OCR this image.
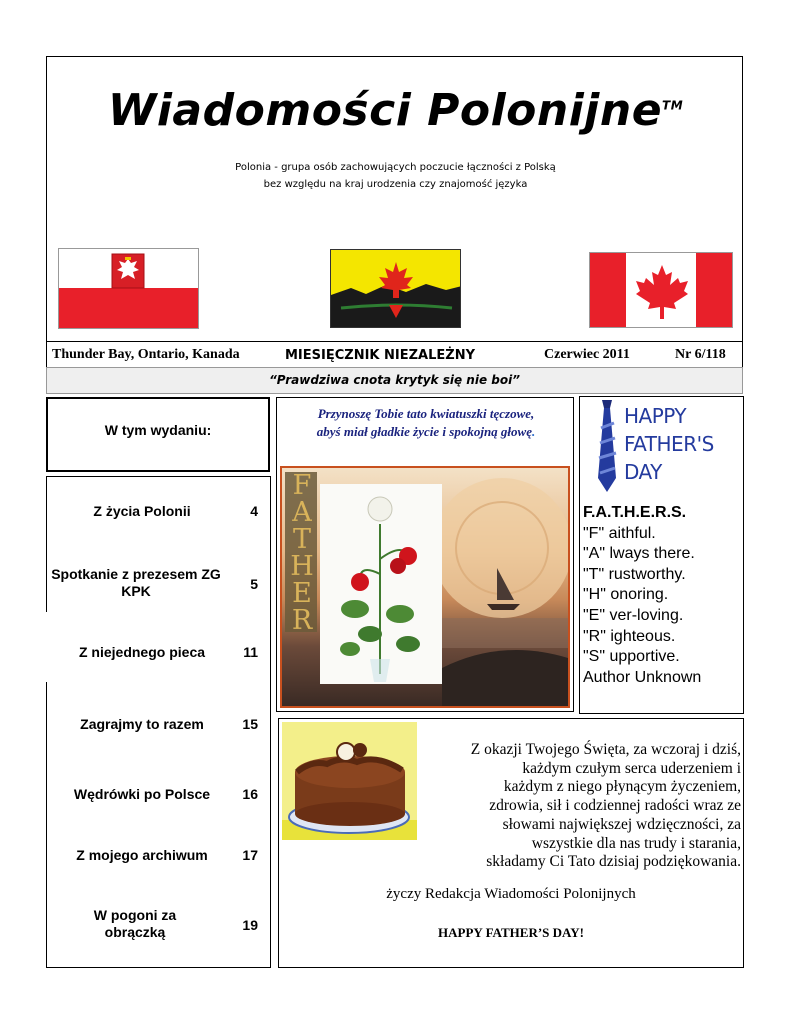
Wiadomości Polonijne™
Polonia - grupa osób zachowujących poczucie łączności z Polską
bez względu na kraj urodzenia czy znajomość języka
Thunder Bay, Ontario, Kanada	MIESIĘCZNIK NIEZALEŻNY	Czerwiec 2011	Nr 6/118
“Prawdziwa cnota krytyk się nie boi”
W tym wydaniu:
Z życia Polonii	4
Spotkanie z prezesem ZG KPK	5
Z niejednego pieca	11
Zagrajmy to razem	15
Wędrówki po Polsce	16
Z mojego archiwum	17
W pogoni za obrączką	19
Przynoszę Tobie tato kwiatuszki tęczowe,
abyś miał gładkie życie i spokojną głowę.
F
A
T
H
E
R
HAPPY
FATHER'S
DAY
F.A.T.H.E.R.S.
"F" aithful.
"A" lways there.
"T" rustworthy.
"H" onoring.
"E" ver-loving.
"R" ighteous.
"S" upportive.
Author Unknown
Z okazji Twojego Święta, za wczoraj i dziś,
każdym czułym serca uderzeniem i
każdym z niego płynącym życzeniem,
zdrowia, sił i codziennej radości wraz ze
słowami największej wdzięczności, za
wszystkie dla nas trudy i starania,
składamy Ci Tato dzisiaj podziękowania.
życzy Redakcja Wiadomości Polonijnych
HAPPY FATHER’S DAY!
